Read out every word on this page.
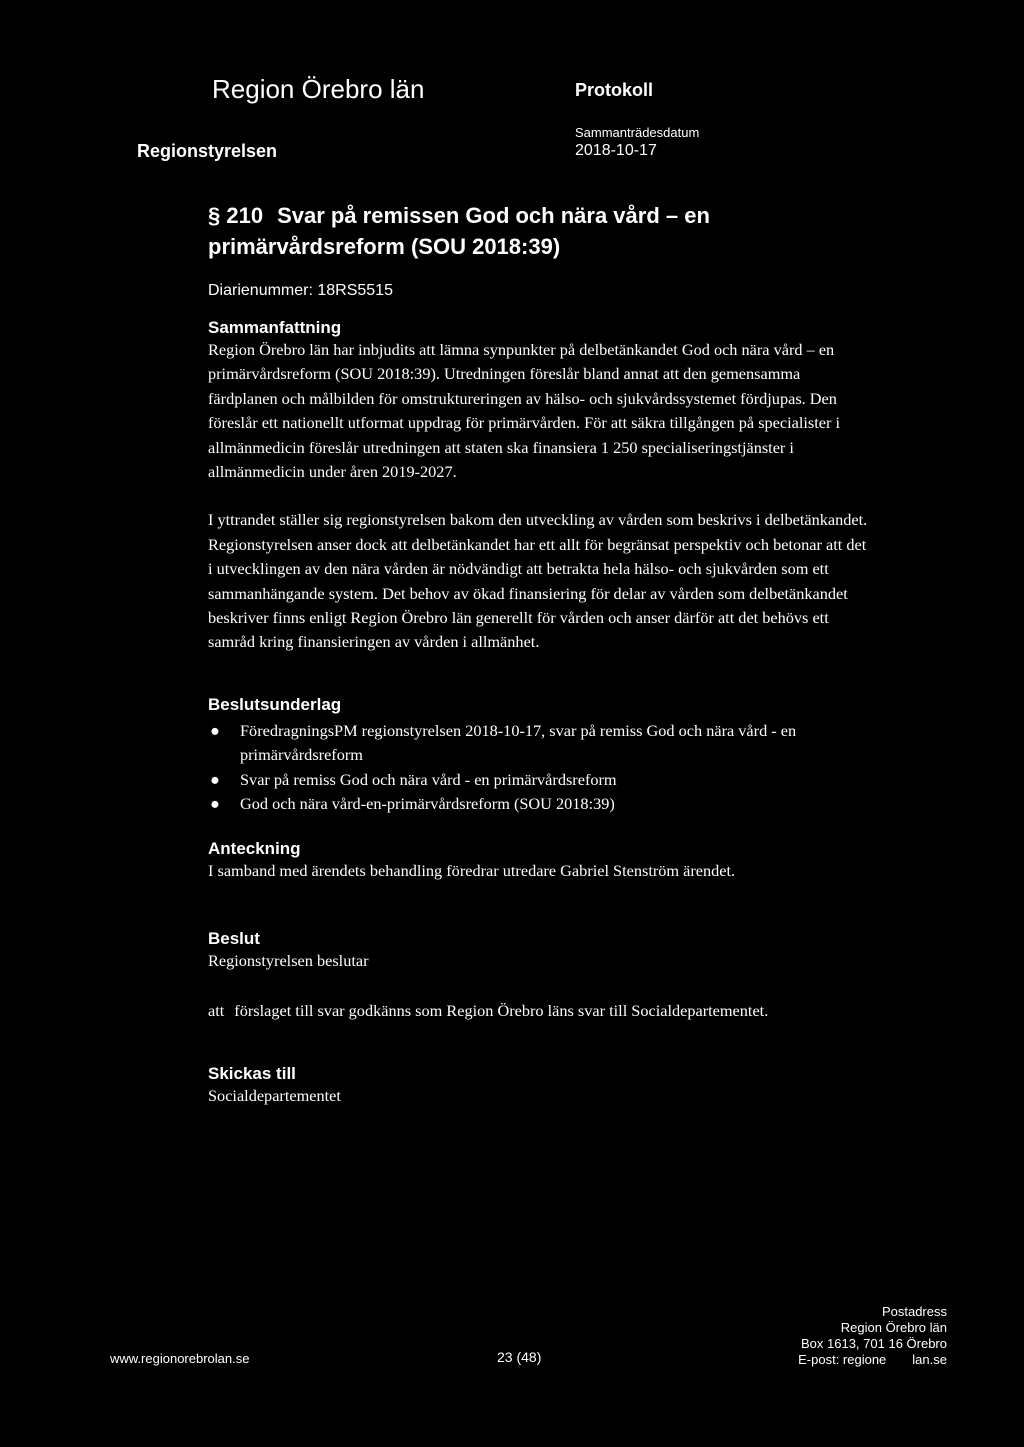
Region Örebro län	Protokoll
Regionstyrelsen
Sammanträdesdatum
2018-10-17
§ 210 Svar på remissen God och nära vård – en
primärvårdsreform (SOU 2018:39)
Diarienummer: 18RS5515
Sammanfattning

Region Örebro län har inbjudits att lämna synpunkter på delbetänkandet God och nära vård – en primärvårdsreform (SOU 2018:39). Utredningen föreslår bland annat att den gemensamma färdplanen och målbilden för omstruktureringen av hälso- och sjukvårdssystemet fördjupas. Den föreslår ett nationellt utformat uppdrag för primärvården. För att säkra tillgången på specialister i allmänmedicin föreslår utredningen att staten ska finansiera 1 250 specialiseringstjänster i allmänmedicin under åren 2019-2027.

I yttrandet ställer sig regionstyrelsen bakom den utveckling av vården som beskrivs i delbetänkandet. Regionstyrelsen anser dock att delbetänkandet har ett allt för begränsat perspektiv och betonar att det i utvecklingen av den nära vården är nödvändigt att betrakta hela hälso- och sjukvården som ett sammanhängande system. Det behov av ökad finansiering för delar av vården som delbetänkandet beskriver finns enligt Region Örebro län generellt för vården och anser därför att det behövs ett samråd kring finansieringen av vården i allmänhet.

Beslutsunderlag
● FöredragningsPM regionstyrelsen 2018-10-17, svar på remiss God och nära vård - en primärvårdsreform
● Svar på remiss God och nära vård - en primärvårdsreform
● God och nära vård-en-primärvårdsreform (SOU 2018:39)
Anteckning

I samband med ärendets behandling föredrar utredare Gabriel Stenström ärendet.

Beslut

Regionstyrelsen beslutar

att förslaget till svar godkänns som Region Örebro läns svar till Socialdepartementet.

Skickas till

Socialdepartementet

Postadress
Region Örebro län
Box 1613, 701 16 Örebro
E-post: regione lan.se
www.regionorebrolan.se	23 (48)
